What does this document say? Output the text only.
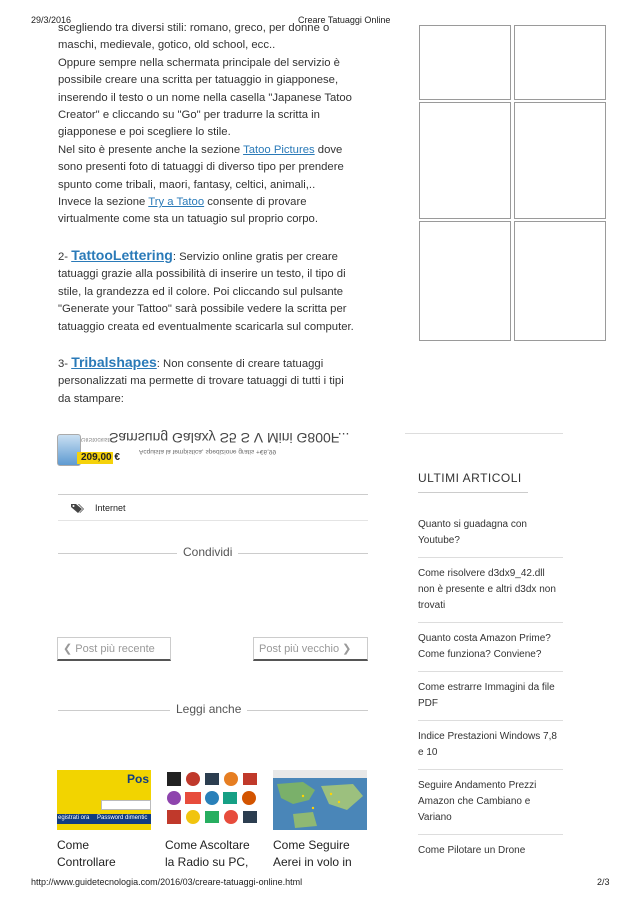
29/3/2016	Creare Tatuaggi Online

scegliendo tra diversi stili: romano, greco, per donne o

maschi, medievale, gotico, old school, ecc..

Oppure sempre nella schermata principale del servizio è

possibile creare una scritta per tatuaggio in giapponese,

inserendo il testo o un nome nella casella "Japanese Tatoo

Creator" e cliccando su "Go" per tradurre la scritta in

giapponese e poi scegliere lo stile.

Nel sito è presente anche la sezione Tatoo Pictures dove

sono presenti foto di tatuaggi di diverso tipo per prendere

spunto come tribali, maori, fantasy, celtici, animali,..

Invece la sezione Try a Tatoo consente di provare

virtualmente come sta un tatuagio sul proprio corpo.

2- TattooLettering: Servizio online gratis per creare

tatuaggi grazie alla possibilità di inserire un testo, il tipo di

stile, la grandezza ed il colore. Poi cliccando sul pulsante

"Generate your Tattoo" sarà possibile vedere la scritta per

tatuaggio creata ed eventualmente scaricarla sul computer.

3- Tribalshapes: Non consente di creare tatuaggi

personalizzati ma permette di trovare tatuaggi di tutti i tipi

da stampare:

209,00 €
Samsung Galaxy S5 S V Mini G800F...
Acquista la tempistica, spedizione gratis +€6,99
GliStockisti
Internet
Condividi
❮ Post più recente	Post più vecchio ❯
Leggi anche
Pos
egistrati ora Password dimentic
Come
Controllare
Come Ascoltare
la Radio su PC,
Come Seguire
Aerei in volo in
ULTIMI ARTICOLI
Quanto si guadagna con Youtube?
Come risolvere d3dx9_42.dll non è presente e altri d3dx non trovati
Quanto costa Amazon Prime? Come funziona? Conviene?
Come estrarre Immagini da file PDF
Indice Prestazioni Windows 7,8 e 10
Seguire Andamento Prezzi Amazon che Cambiano e Variano
Come Pilotare un Drone
http://www.guidetecnologia.com/2016/03/creare-tatuaggi-online.html	2/3
